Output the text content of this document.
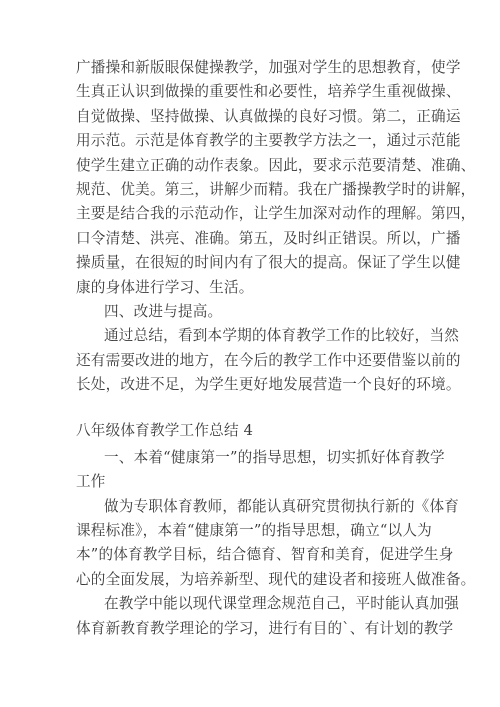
广播操和新版眼保健操教学，加强对学生的思想教育，使学
生真正认识到做操的重要性和必要性，培养学生重视做操、
自觉做操、坚持做操、认真做操的良好习惯。第二，正确运
用示范。示范是体育教学的主要教学方法之一，通过示范能
使学生建立正确的动作表象。因此，要求示范要清楚、准确、
规范、优美。第三，讲解少而精。我在广播操教学时的讲解，
主要是结合我的示范动作，让学生加深对动作的理解。第四，
口令清楚、洪亮、准确。第五，及时纠正错误。所以，广播
操质量，在很短的时间内有了很大的提高。保证了学生以健
康的身体进行学习、生活。
四、改进与提高。
通过总结，看到本学期的体育教学工作的比较好，当然
还有需要改进的地方，在今后的教学工作中还要借鉴以前的
长处，改进不足，为学生更好地发展营造一个良好的环境。
八年级体育教学工作总结 4
一、本着“健康第一”的指导思想，切实抓好体育教学
工作
做为专职体育教师，都能认真研究贯彻执行新的《体育
课程标准》，本着“健康第一”的指导思想，确立“以人为
本”的体育教学目标，结合德育、智育和美育，促进学生身
心的全面发展，为培养新型、现代的建设者和接班人做准备。
在教学中能以现代课堂理念规范自己，平时能认真加强
体育新教育教学理论的学习，进行有目的`、有计划的教学
